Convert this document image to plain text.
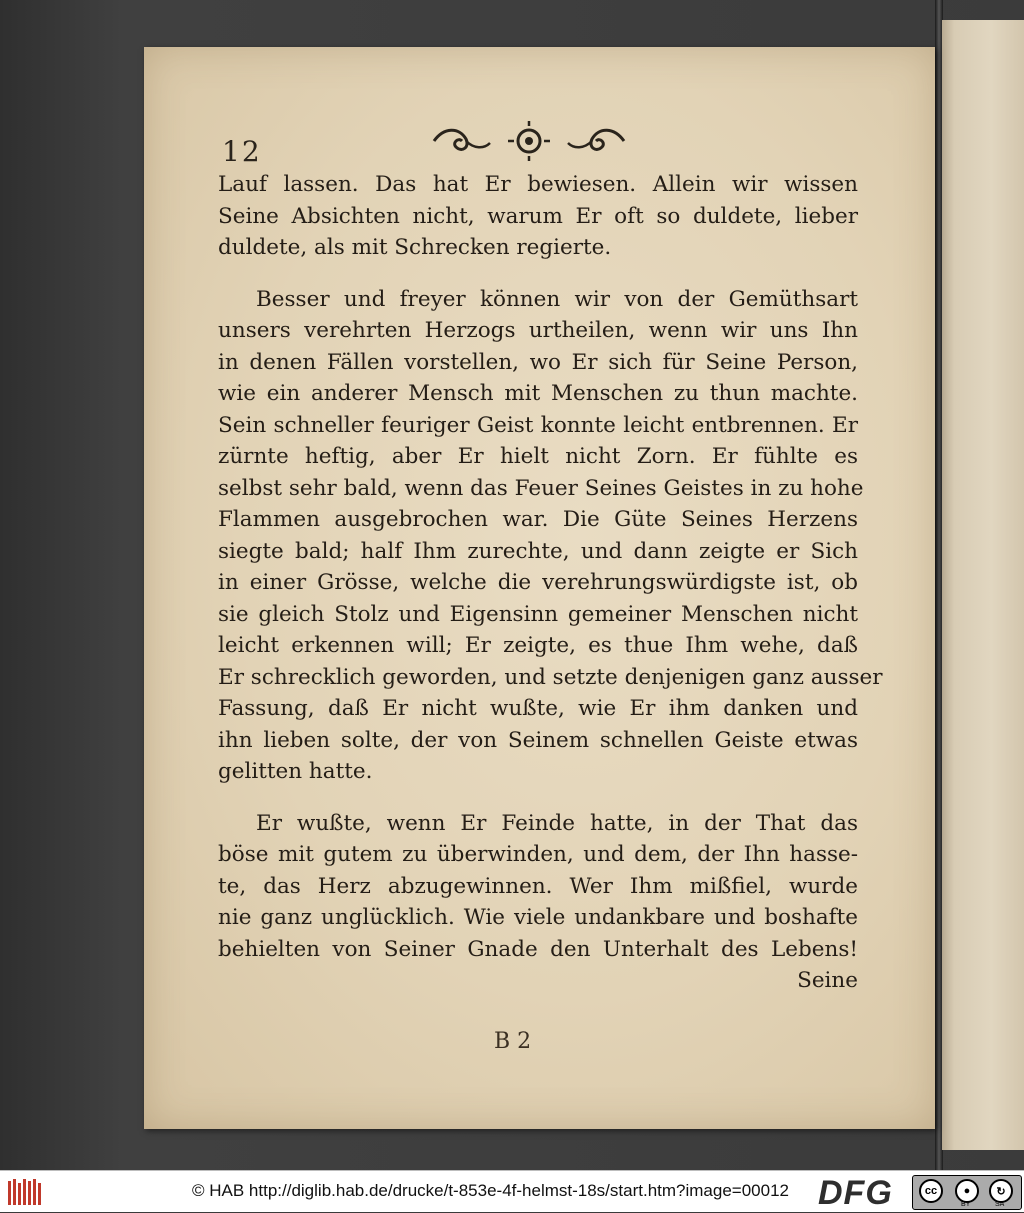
12

Lauf lassen. Das hat Er bewiesen. Allein wir wissen
Seine Absichten nicht, warum Er oft so duldete, lieber
duldete, als mit Schrecken regierte.

Besser und freyer können wir von der Gemüthsart
unsers verehrten Herzogs urtheilen, wenn wir uns Ihn
in denen Fällen vorstellen, wo Er sich für Seine Person,
wie ein anderer Mensch mit Menschen zu thun machte.
Sein schneller feuriger Geist konnte leicht entbrennen. Er
zürnte heftig, aber Er hielt nicht Zorn. Er fühlte es
selbst sehr bald, wenn das Feuer Seines Geistes in zu hohe
Flammen ausgebrochen war. Die Güte Seines Herzens
siegte bald; half Ihm zurechte, und dann zeigte er Sich
in einer Grösse, welche die verehrungswürdigste ist, ob
sie gleich Stolz und Eigensinn gemeiner Menschen nicht
leicht erkennen will; Er zeigte, es thue Ihm wehe, daß
Er schrecklich geworden, und setzte denjenigen ganz ausser
Fassung, daß Er nicht wußte, wie Er ihm danken und
ihn lieben solte, der von Seinem schnellen Geiste etwas
gelitten hatte.

Er wußte, wenn Er Feinde hatte, in der That das
böse mit gutem zu überwinden, und dem, der Ihn hasse-
te, das Herz abzugewinnen. Wer Ihm mißfiel, wurde
nie ganz unglücklich. Wie viele undankbare und boshafte
behielten von Seiner Gnade den Unterhalt des Lebens!
Seine

B 2
© HAB http://diglib.hab.de/drucke/t-853e-4f-helmst-18s/start.htm?image=00012 DFG	cc	●	↻
BY	SA
